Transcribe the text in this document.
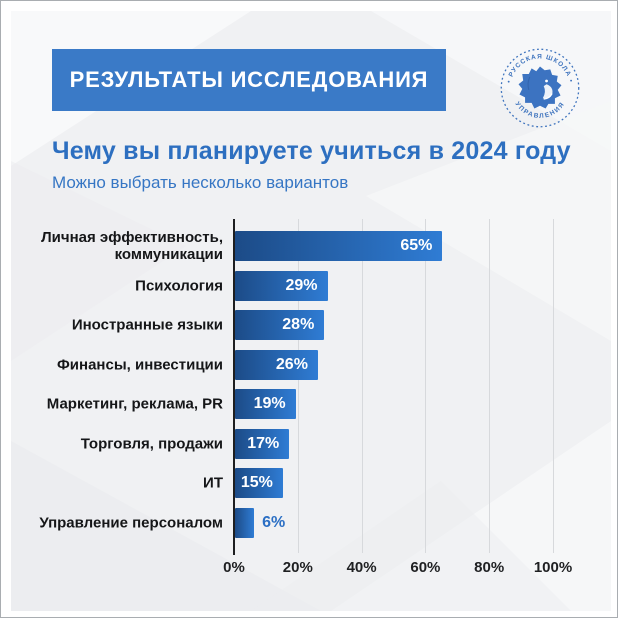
РЕЗУЛЬТАТЫ ИССЛЕДОВАНИЯ	• РУССКАЯ ШКОЛА •
УПРАВЛЕНИЯ
Чему вы планируете учиться в 2024 году
Можно выбрать несколько вариантов
Личная эффективность, коммуникации
Психология
Иностранные языки
Финансы, инвестиции
Маркетинг, реклама, PR
Торговля, продажи
ИТ
Управление персоналом
0%	20% 40% 60% 80% 100%
65%
29%
28%
26%
19%
17%
15%
6%
